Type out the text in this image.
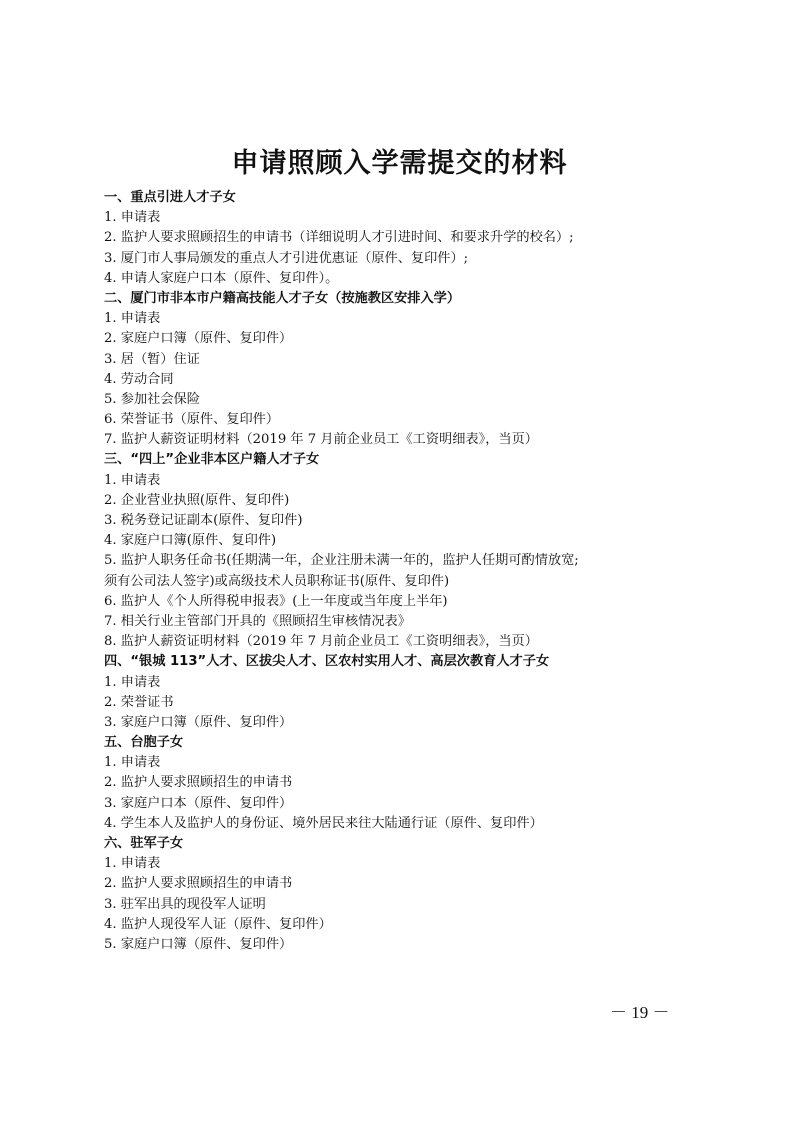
申请照顾入学需提交的材料
一、重点引进人才子女
1. 申请表
2. 监护人要求照顾招生的申请书（详细说明人才引进时间、和要求升学的校名）;
3. 厦门市人事局颁发的重点人才引进优惠证（原件、复印件）;
4. 申请人家庭户口本（原件、复印件）。
二、厦门市非本市户籍高技能人才子女（按施教区安排入学）
1. 申请表
2. 家庭户口簿（原件、复印件）
3. 居（暂）住证
4. 劳动合同
5. 参加社会保险
6. 荣誉证书（原件、复印件）
7. 监护人薪资证明材料（2019 年 7 月前企业员工《工资明细表》，当页）
三、“四上”企业非本区户籍人才子女
1. 申请表
2. 企业营业执照(原件、复印件)
3. 税务登记证副本(原件、复印件)
4. 家庭户口簿(原件、复印件)
5. 监护人职务任命书(任期满一年，企业注册未满一年的，监护人任期可酌情放宽;
须有公司法人签字)或高级技术人员职称证书(原件、复印件)
6. 监护人《个人所得税申报表》(上一年度或当年度上半年)
7. 相关行业主管部门开具的《照顾招生审核情况表》
8. 监护人薪资证明材料（2019 年 7 月前企业员工《工资明细表》，当页）
四、“银城 113”人才、区拔尖人才、区农村实用人才、高层次教育人才子女
1. 申请表
2. 荣誉证书
3. 家庭户口簿（原件、复印件）
五、台胞子女
1. 申请表
2. 监护人要求照顾招生的申请书
3. 家庭户口本（原件、复印件）
4. 学生本人及监护人的身份证、境外居民来往大陆通行证（原件、复印件）
六、驻军子女
1. 申请表
2. 监护人要求照顾招生的申请书
3. 驻军出具的现役军人证明
4. 监护人现役军人证（原件、复印件）
5. 家庭户口簿（原件、复印件）
－ 19 －
